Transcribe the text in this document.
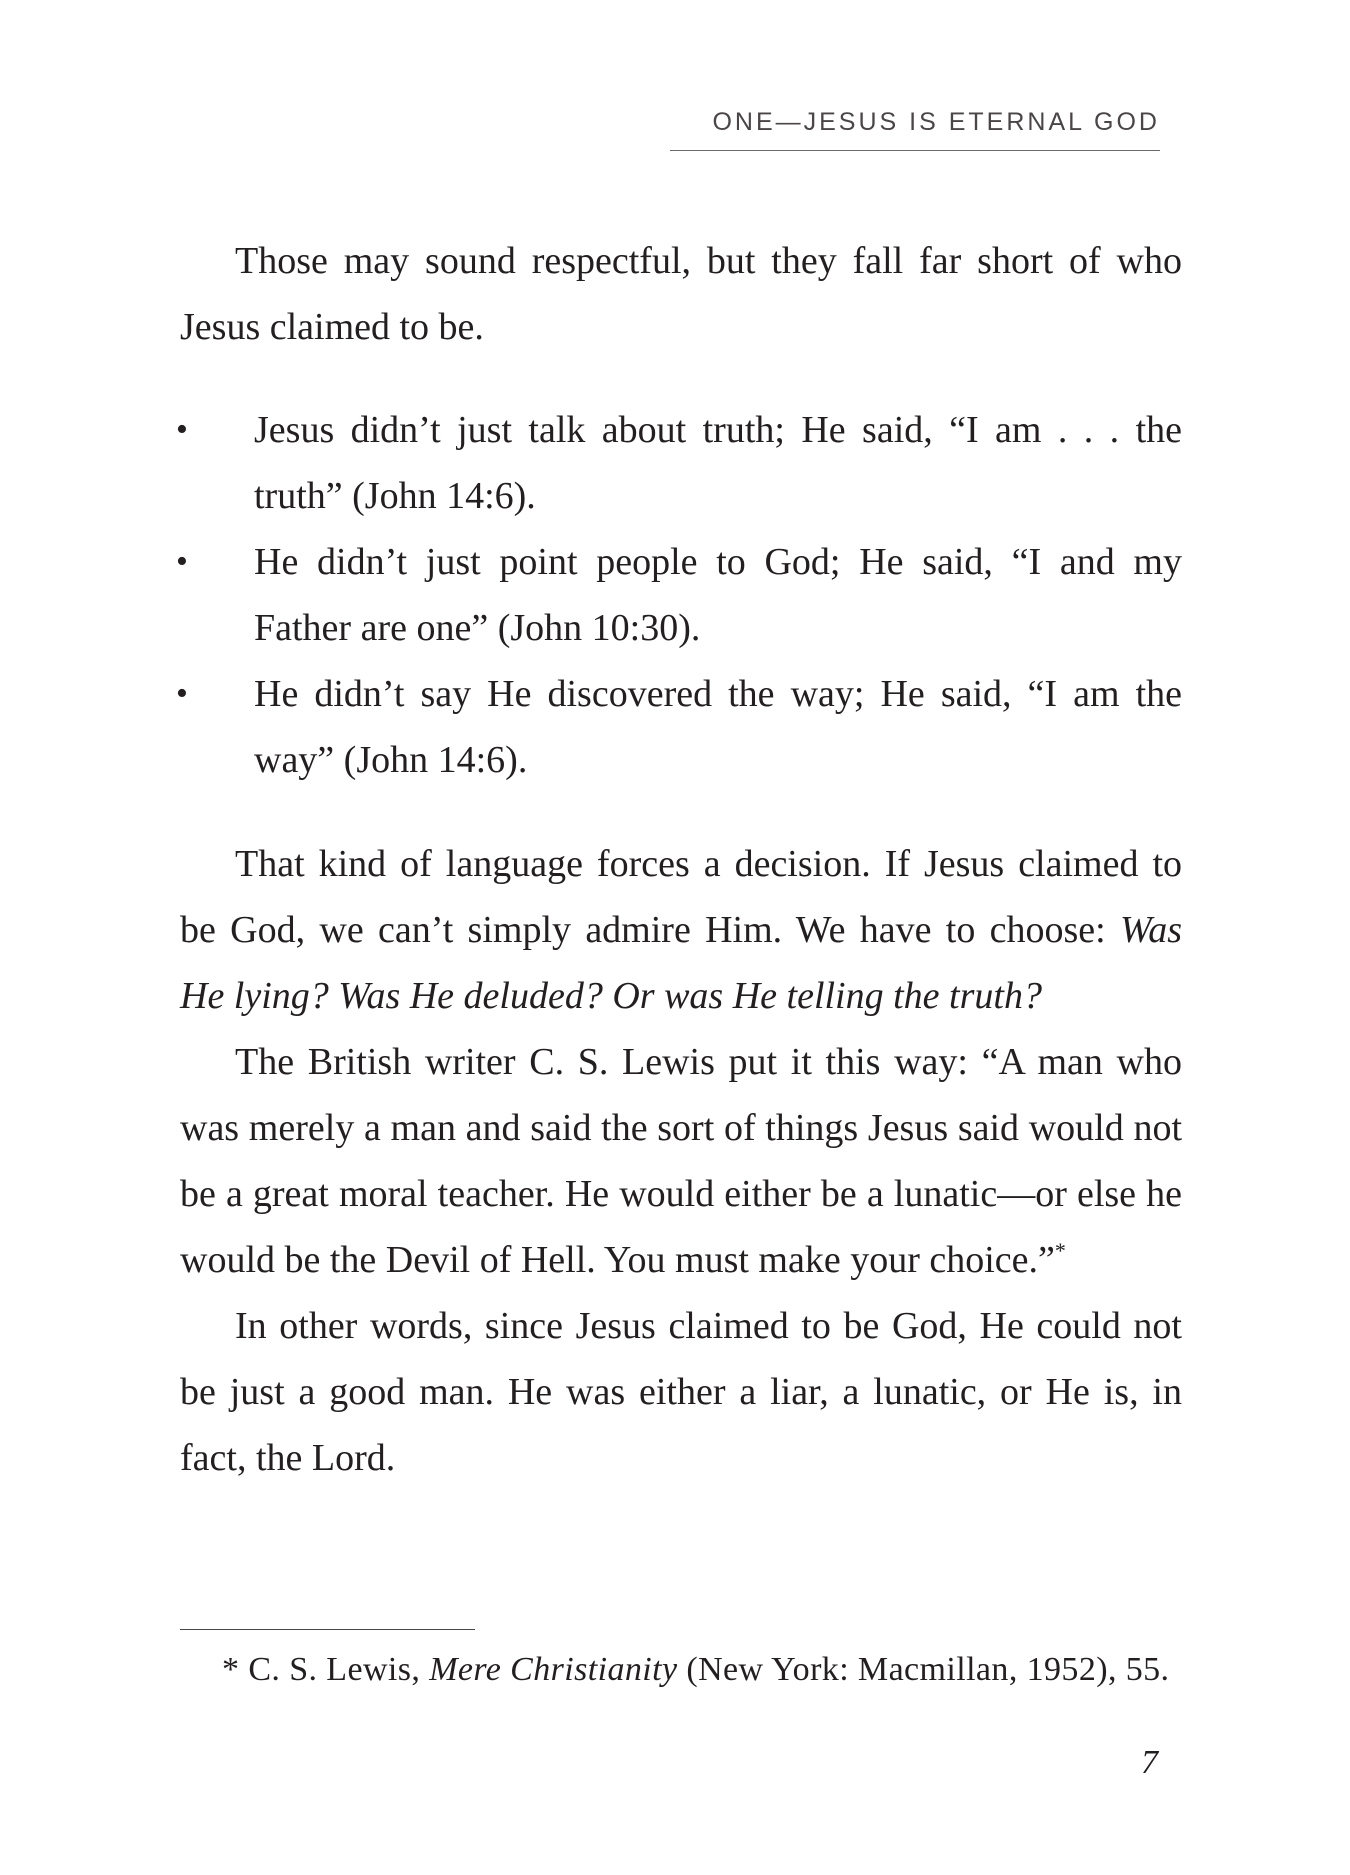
ONE—JESUS IS ETERNAL GOD

Those may sound respectful, but they fall far short of who Jesus claimed to be.

• Jesus didn’t just talk about truth; He said, “I am . . . the truth” (John 14:6).
• He didn’t just point people to God; He said, “I and my Father are one” (John 10:30).
• He didn’t say He discovered the way; He said, “I am the way” (John 14:6).

That kind of language forces a decision. If Jesus claimed to be God, we can’t simply admire Him. We have to choose: Was He lying? Was He deluded? Or was He telling the truth?

The British writer C. S. Lewis put it this way: “A man who was merely a man and said the sort of things Jesus said would not be a great moral teacher. He would either be a lunatic—or else he would be the Devil of Hell. You must make your choice.”*

In other words, since Jesus claimed to be God, He could not be just a good man. He was either a liar, a lunatic, or He is, in fact, the Lord.

* C. S. Lewis, Mere Christianity (New York: Macmillan, 1952), 55.
7
